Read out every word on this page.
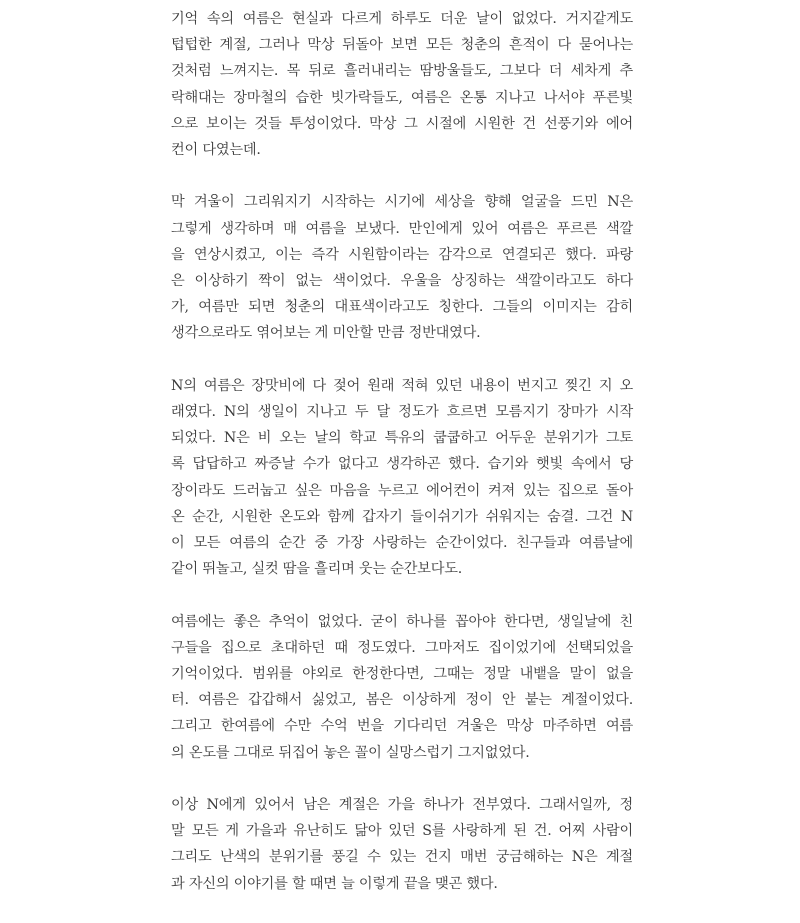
기억 속의 여름은 현실과 다르게 하루도 더운 날이 없었다. 거지같게도
텁텁한 계절, 그러나 막상 뒤돌아 보면 모든 청춘의 흔적이 다 묻어나는
것처럼 느껴지는. 목 뒤로 흘러내리는 땀방울들도, 그보다 더 세차게 추
락해대는 장마철의 습한 빗가락들도, 여름은 온통 지나고 나서야 푸른빛
으로 보이는 것들 투성이었다. 막상 그 시절에 시원한 건 선풍기와 에어
컨이 다였는데.

막 겨울이 그리워지기 시작하는 시기에 세상을 향해 얼굴을 드민 N은
그렇게 생각하며 매 여름을 보냈다. 만인에게 있어 여름은 푸르른 색깔
을 연상시켰고, 이는 즉각 시원함이라는 감각으로 연결되곤 했다. 파랑
은 이상하기 짝이 없는 색이었다. 우울을 상징하는 색깔이라고도 하다
가, 여름만 되면 청춘의 대표색이라고도 칭한다. 그들의 이미지는 감히
생각으로라도 엮어보는 게 미안할 만큼 정반대였다.

N의 여름은 장맛비에 다 젖어 원래 적혀 있던 내용이 번지고 찢긴 지 오
래였다. N의 생일이 지나고 두 달 정도가 흐르면 모름지기 장마가 시작
되었다. N은 비 오는 날의 학교 특유의 쿱쿱하고 어두운 분위기가 그토
록 답답하고 짜증날 수가 없다고 생각하곤 했다. 습기와 햇빛 속에서 당
장이라도 드러눕고 싶은 마음을 누르고 에어컨이 켜져 있는 집으로 돌아
온 순간, 시원한 온도와 함께 갑자기 들이쉬기가 쉬워지는 숨결. 그건 N
이 모든 여름의 순간 중 가장 사랑하는 순간이었다. 친구들과 여름날에
같이 뛰놀고, 실컷 땀을 흘리며 웃는 순간보다도.

여름에는 좋은 추억이 없었다. 굳이 하나를 꼽아야 한다면, 생일날에 친
구들을 집으로 초대하던 때 정도였다. 그마저도 집이었기에 선택되었을
기억이었다. 범위를 야외로 한정한다면, 그때는 정말 내뱉을 말이 없을
터. 여름은 갑갑해서 싫었고, 봄은 이상하게 정이 안 붙는 계절이었다.
그리고 한여름에 수만 수억 번을 기다리던 겨울은 막상 마주하면 여름
의 온도를 그대로 뒤집어 놓은 꼴이 실망스럽기 그지없었다.

이상 N에게 있어서 남은 계절은 가을 하나가 전부였다. 그래서일까, 정
말 모든 게 가을과 유난히도 닮아 있던 S를 사랑하게 된 건. 어찌 사람이
그리도 난색의 분위기를 풍길 수 있는 건지 매번 궁금해하는 N은 계절
과 자신의 이야기를 할 때면 늘 이렇게 끝을 맺곤 했다.
